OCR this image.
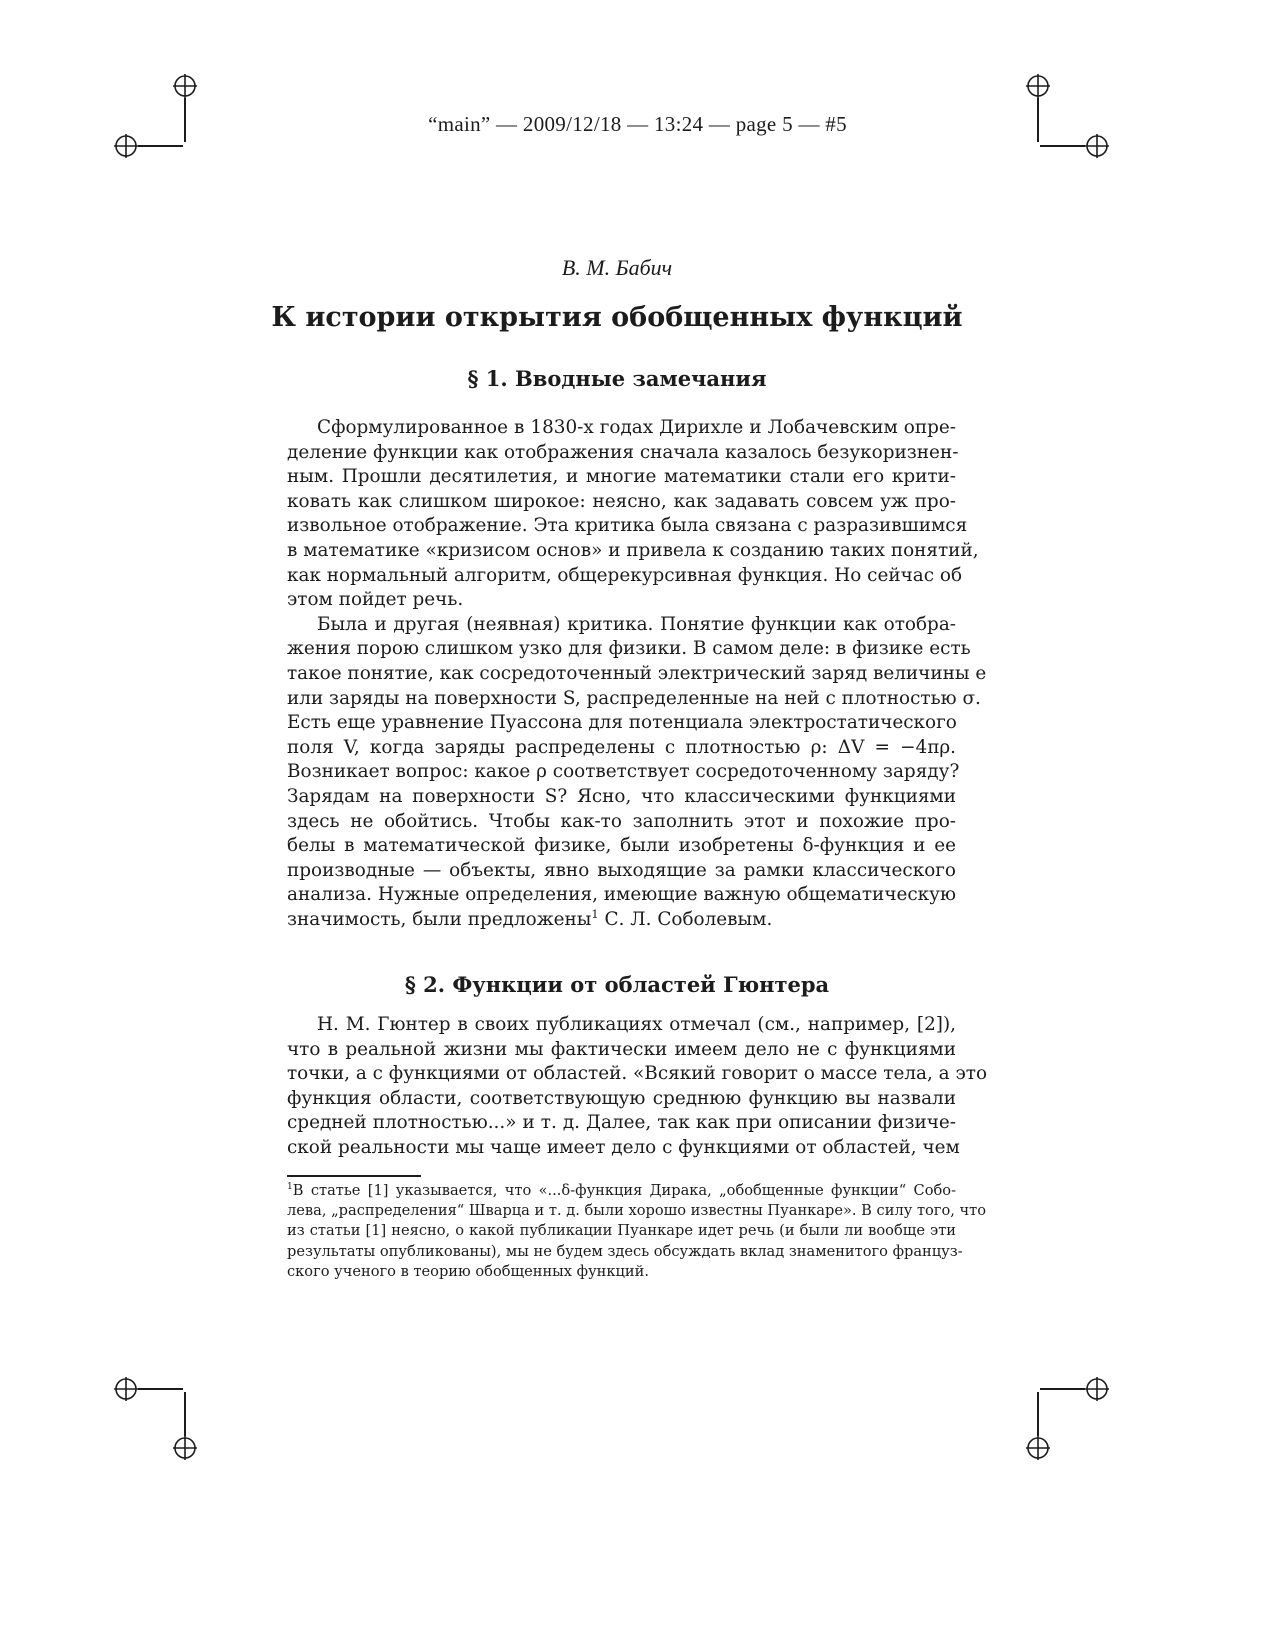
“main” — 2009/12/18 — 13:24 — page 5 — #5
В. М. Бабич
К истории открытия обобщенных функций
§ 1. Вводные замечания
Сформулированное в 1830-х годах Дирихле и Лобачевским опре-
деление функции как отображения сначала казалось безукоризнен-
ным. Прошли десятилетия, и многие математики стали его крити-
ковать как слишком широкое: неясно, как задавать совсем уж про-
извольное отображение. Эта критика была связана с разразившимся
в математике «кризисом основ» и привела к созданию таких понятий,
как нормальный алгоритм, общерекурсивная функция. Но сейчас об
этом пойдет речь.
Была и другая (неявная) критика. Понятие функции как отобра-
жения порою слишком узко для физики. В самом деле: в физике есть
такое понятие, как сосредоточенный электрический заряд величины e
или заряды на поверхности S, распределенные на ней с плотностью σ.
Есть еще уравнение Пуассона для потенциала электростатического
поля V, когда заряды распределены с плотностью ρ: ΔV = −4πρ.
Возникает вопрос: какое ρ соответствует сосредоточенному заряду?
Зарядам на поверхности S? Ясно, что классическими функциями
здесь не обойтись. Чтобы как-то заполнить этот и похожие про-
белы в математической физике, были изобретены δ-функция и ее
производные — объекты, явно выходящие за рамки классического
анализа. Нужные определения, имеющие важную общематическую
значимость, были предложены$^1$ С. Л. Соболевым.
§ 2. Функции от областей Гюнтера
Н. М. Гюнтер в своих публикациях отмечал (см., например, [2]),
что в реальной жизни мы фактически имеем дело не с функциями
точки, а с функциями от областей. «Всякий говорит о массе тела, а это
функция области, соответствующую среднюю функцию вы назвали
средней плотностью...» и т. д. Далее, так как при описании физиче-
ской реальности мы чаще имеет дело с функциями от областей, чем
$^1$В статье [1] указывается, что «...δ-функция Дирака, „обобщенные функции“ Собо-
лева, „распределения“ Шварца и т. д. были хорошо известны Пуанкаре». В силу того, что
из статьи [1] неясно, о какой публикации Пуанкаре идет речь (и были ли вообще эти
результаты опубликованы), мы не будем здесь обсуждать вклад знаменитого француз-
ского ученого в теорию обобщенных функций.
